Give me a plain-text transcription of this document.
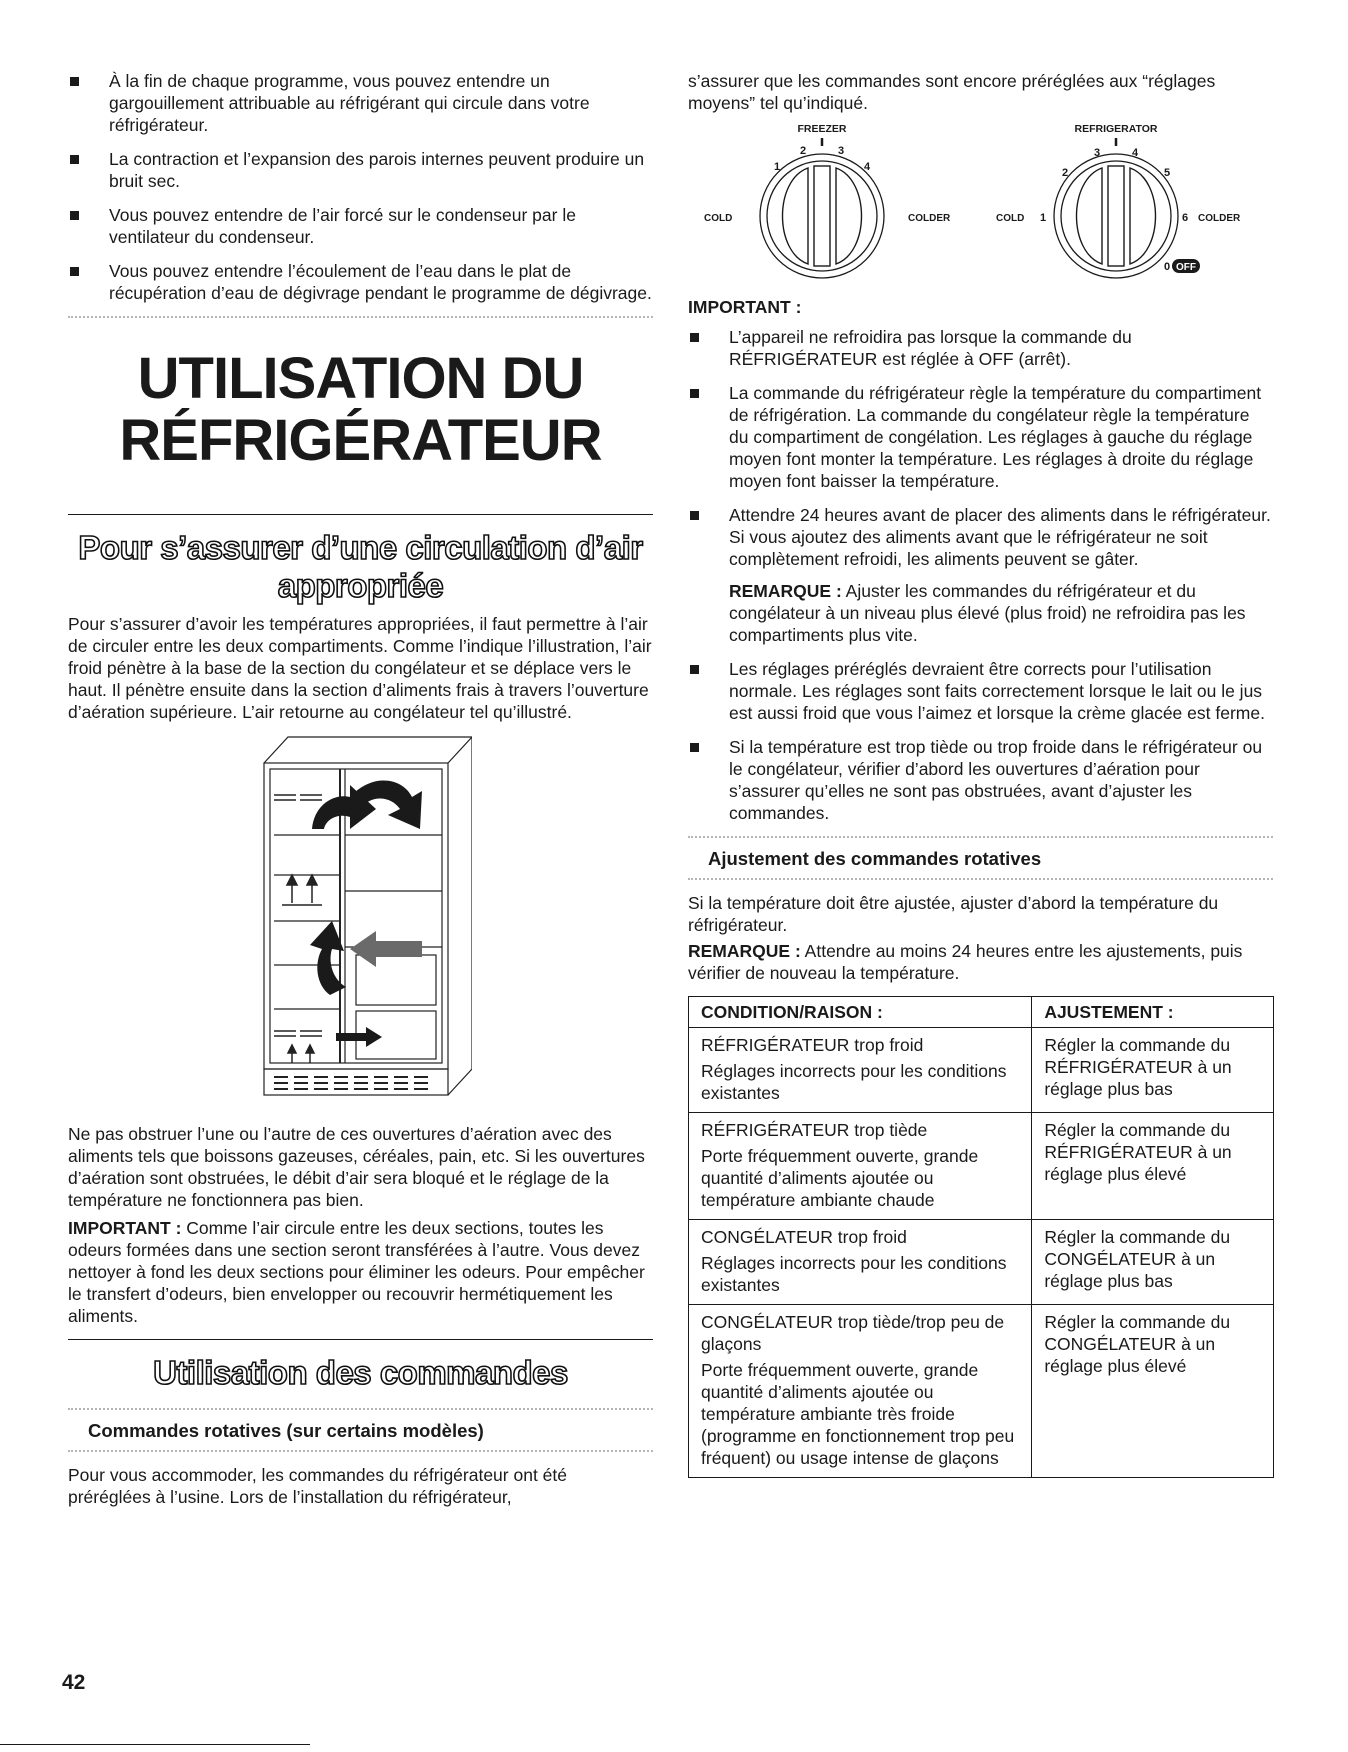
À la fin de chaque programme, vous pouvez entendre un gargouillement attribuable au réfrigérant qui circule dans votre réfrigérateur.
La contraction et l’expansion des parois internes peuvent produire un bruit sec.
Vous pouvez entendre de l’air forcé sur le condenseur par le ventilateur du condenseur.
Vous pouvez entendre l’écoulement de l’eau dans le plat de récupération d’eau de dégivrage pendant le programme de dégivrage.
UTILISATION DU
RÉFRIGÉRATEUR
Pour s’assurer d’une circulation d’air
appropriée

Pour s’assurer d’avoir les températures appropriées, il faut permettre à l’air de circuler entre les deux compartiments. Comme l’indique l’illustration, l’air froid pénètre à la base de la section du congélateur et se déplace vers le haut. Il pénètre ensuite dans la section d’aliments frais à travers l’ouverture d’aération supérieure. L’air retourne au congélateur tel qu’illustré.

Ne pas obstruer l’une ou l’autre de ces ouvertures d’aération avec des aliments tels que boissons gazeuses, céréales, pain, etc. Si les ouvertures d’aération sont obstruées, le débit d’air sera bloqué et le réglage de la température ne fonctionnera pas bien.

IMPORTANT : Comme l’air circule entre les deux sections, toutes les odeurs formées dans une section seront transférées à l’autre. Vous devez nettoyer à fond les deux sections pour éliminer les odeurs. Pour empêcher le transfert d’odeurs, bien envelopper ou recouvrir hermétiquement les aliments.

Utilisation des commandes
Commandes rotatives (sur certains modèles)

Pour vous accommoder, les commandes du réfrigérateur ont été préréglées à l’usine. Lors de l’installation du réfrigérateur,

s’assurer que les commandes sont encore préréglées aux “réglages moyens” tel qu’indiqué.

FREEZER
1
2	3
4
COLD	COLDER
REFRIGERATOR
1
2
3	4
5
6
0 OFF
COLD	COLDER
IMPORTANT :
L’appareil ne refroidira pas lorsque la commande du RÉFRIGÉRATEUR est réglée à OFF (arrêt).
La commande du réfrigérateur règle la température du compartiment de réfrigération. La commande du congélateur règle la température du compartiment de congélation. Les réglages à gauche du réglage moyen font monter la température. Les réglages à droite du réglage moyen font baisser la température.
Attendre 24 heures avant de placer des aliments dans le réfrigérateur. Si vous ajoutez des aliments avant que le réfrigérateur ne soit complètement refroidi, les aliments peuvent se gâter.

REMARQUE : Ajuster les commandes du réfrigérateur et du congélateur à un niveau plus élevé (plus froid) ne refroidira pas les compartiments plus vite.

Les réglages préréglés devraient être corrects pour l’utilisation normale. Les réglages sont faits correctement lorsque le lait ou le jus est aussi froid que vous l’aimez et lorsque la crème glacée est ferme.
Si la température est trop tiède ou trop froide dans le réfrigérateur ou le congélateur, vérifier d’abord les ouvertures d’aération pour s’assurer qu’elles ne sont pas obstruées, avant d’ajuster les commandes.
Ajustement des commandes rotatives

Si la température doit être ajustée, ajuster d’abord la température du réfrigérateur.

REMARQUE : Attendre au moins 24 heures entre les ajustements, puis vérifier de nouveau la température.

CONDITION/RAISON :	AJUSTEMENT :

RÉFRIGÉRATEUR trop froid

Réglages incorrects pour les conditions existantes	Régler la commande du RÉFRIGÉRATEUR à un réglage plus bas

RÉFRIGÉRATEUR trop tiède

Porte fréquemment ouverte, grande quantité d’aliments ajoutée ou température ambiante chaude	Régler la commande du RÉFRIGÉRATEUR à un réglage plus élevé

CONGÉLATEUR trop froid

Réglages incorrects pour les conditions existantes	Régler la commande du CONGÉLATEUR à un réglage plus bas

CONGÉLATEUR trop tiède/trop peu de glaçons

Porte fréquemment ouverte, grande quantité d’aliments ajoutée ou température ambiante très froide (programme en fonctionnement trop peu fréquent) ou usage intense de glaçons	Régler la commande du CONGÉLATEUR à un réglage plus élevé
42
